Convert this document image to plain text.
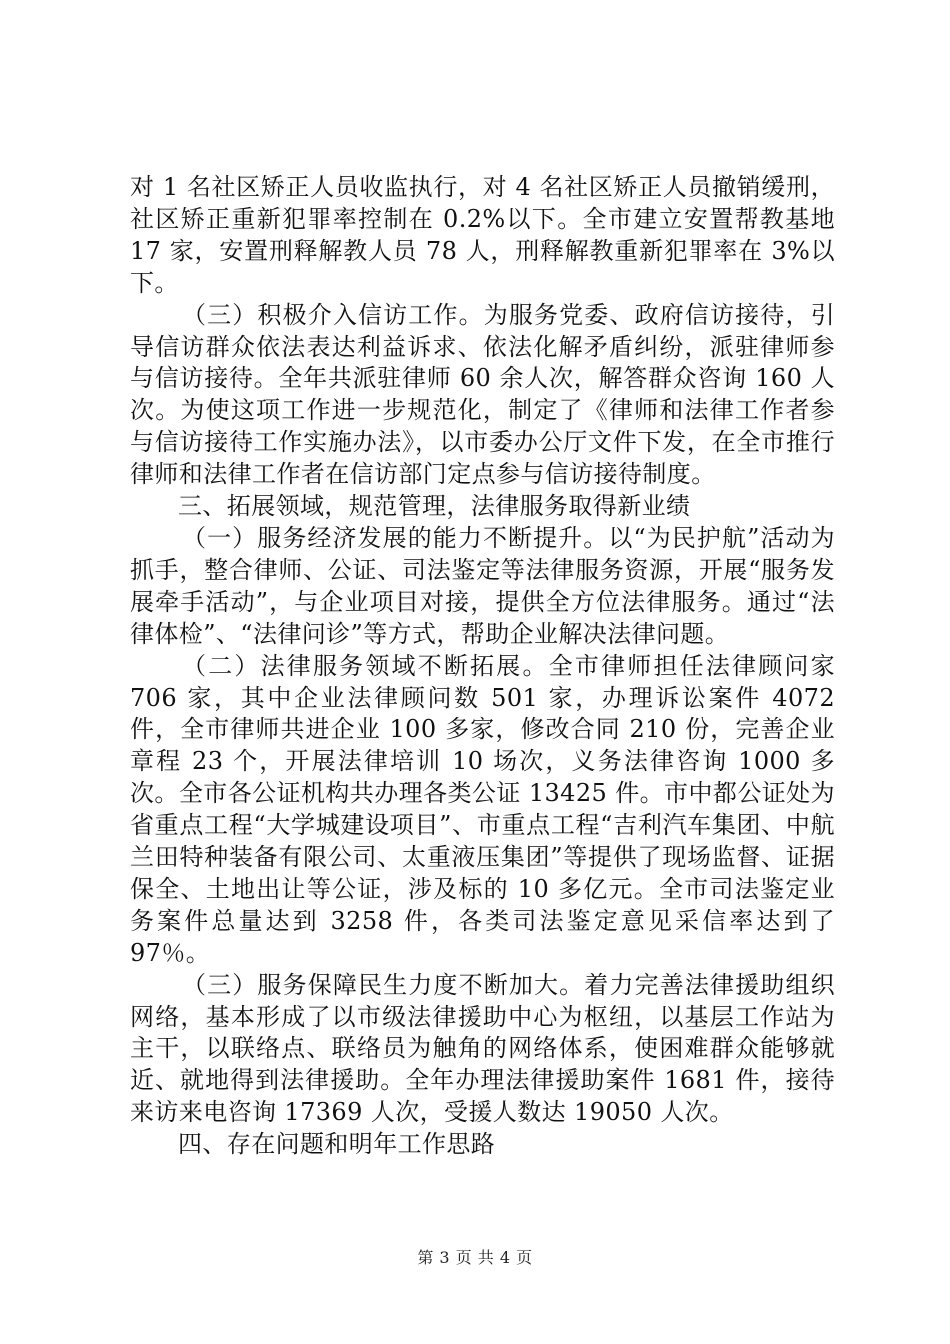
对 1 名社区矫正人员收监执行，对 4 名社区矫正人员撤销缓刑，社区矫正重新犯罪率控制在 0.2%以下。全市建立安置帮教基地 17 家，安置刑释解教人员 78 人，刑释解教重新犯罪率在 3%以下。

（三）积极介入信访工作。为服务党委、政府信访接待，引导信访群众依法表达利益诉求、依法化解矛盾纠纷，派驻律师参与信访接待。全年共派驻律师 60 余人次，解答群众咨询 160 人次。为使这项工作进一步规范化，制定了《律师和法律工作者参与信访接待工作实施办法》，以市委办公厅文件下发，在全市推行律师和法律工作者在信访部门定点参与信访接待制度。

三、拓展领域，规范管理，法律服务取得新业绩

（一）服务经济发展的能力不断提升。以“为民护航”活动为抓手，整合律师、公证、司法鉴定等法律服务资源，开展“服务发展牵手活动”，与企业项目对接，提供全方位法律服务。通过“法律体检”、“法律问诊”等方式，帮助企业解决法律问题。

（二）法律服务领域不断拓展。全市律师担任法律顾问家 706 家，其中企业法律顾问数 501 家，办理诉讼案件 4072 件，全市律师共进企业 100 多家，修改合同 210 份，完善企业章程 23 个，开展法律培训 10 场次，义务法律咨询 1000 多次。全市各公证机构共办理各类公证 13425 件。市中都公证处为省重点工程“大学城建设项目”、市重点工程“吉利汽车集团、中航兰田特种装备有限公司、太重液压集团”等提供了现场监督、证据保全、土地出让等公证，涉及标的 10 多亿元。全市司法鉴定业务案件总量达到 3258 件，各类司法鉴定意见采信率达到了 97％。

（三）服务保障民生力度不断加大。着力完善法律援助组织网络，基本形成了以市级法律援助中心为枢纽，以基层工作站为主干，以联络点、联络员为触角的网络体系，使困难群众能够就近、就地得到法律援助。全年办理法律援助案件 1681 件，接待来访来电咨询 17369 人次，受援人数达 19050 人次。

四、存在问题和明年工作思路

第 3 页 共 4 页
